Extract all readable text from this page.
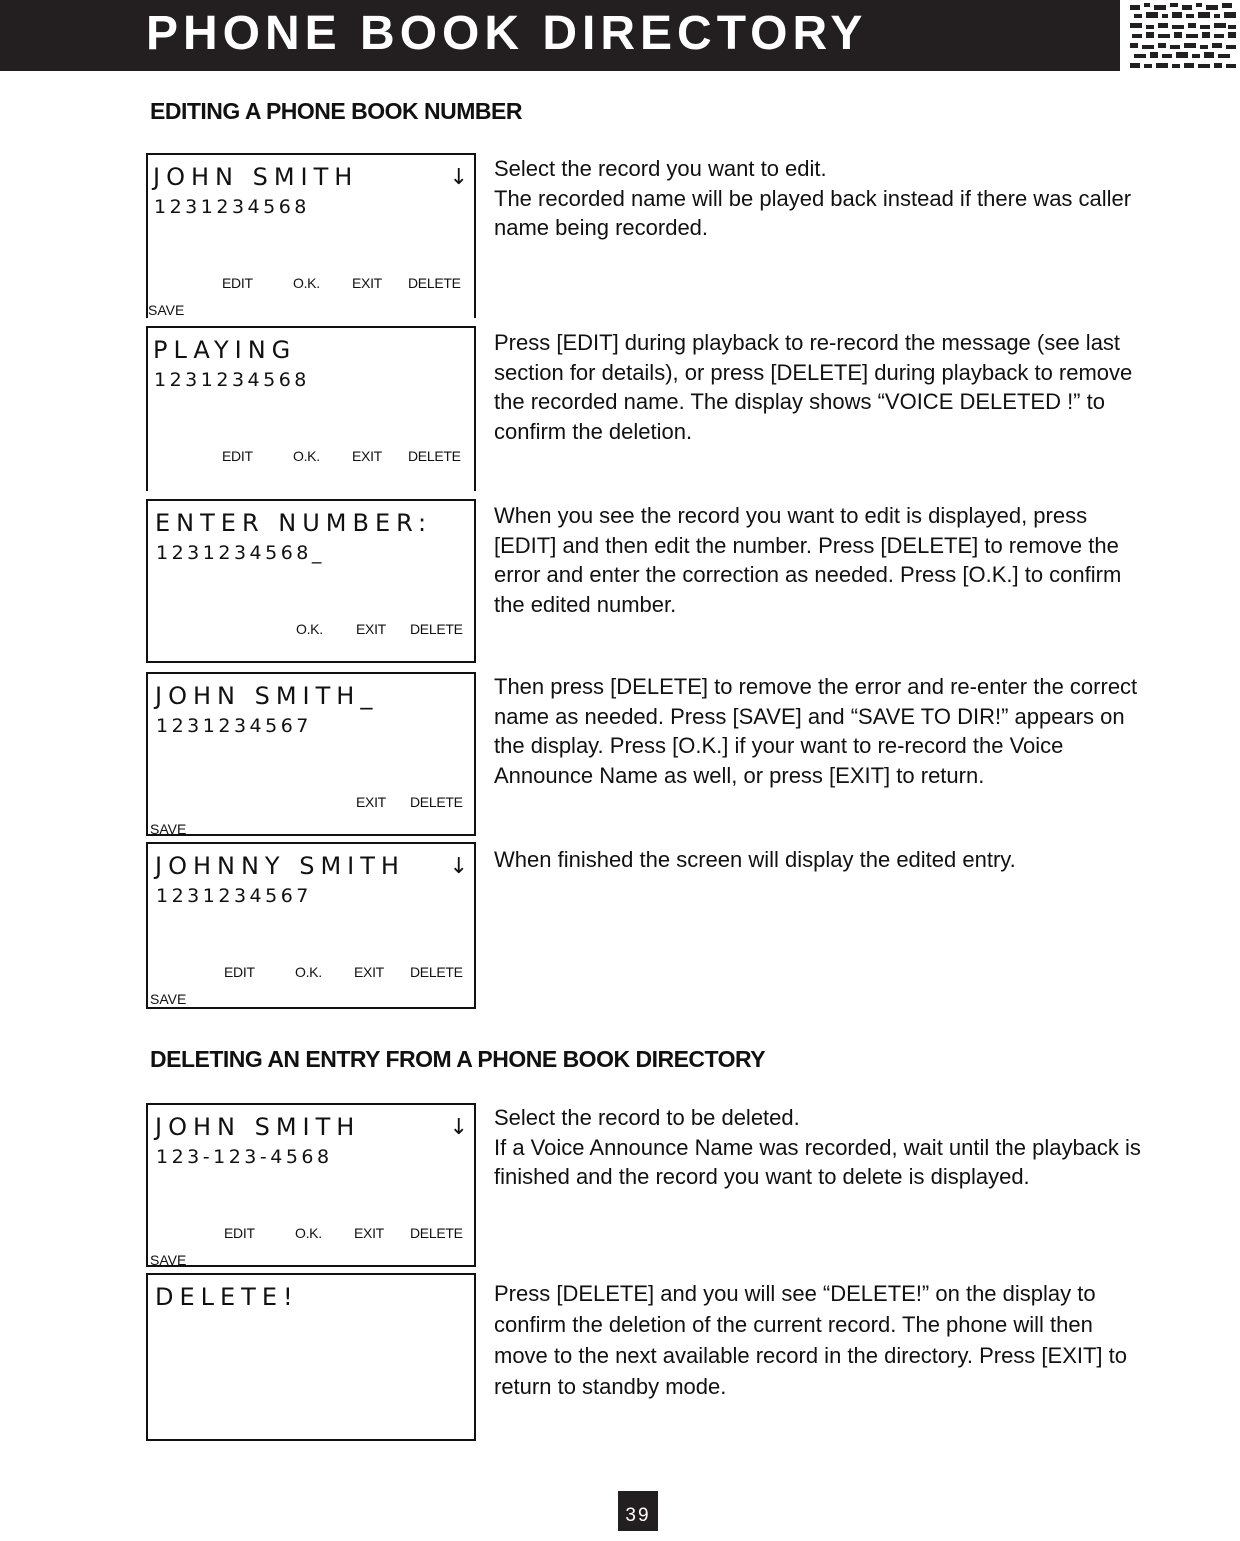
PHONE BOOK DIRECTORY
EDITING A PHONE BOOK NUMBER
JOHN SMITH	↓
1231234568
EDIT	O.K. EXIT DELETE
SAVE
PLAYING
1231234568
EDIT	O.K. EXIT DELETE
ENTER NUMBER:
1231234568_
O.K. EXIT DELETE
JOHN SMITH_
1231234567
EXIT DELETE
SAVE
JOHNNY SMITH ↓
1231234567
EDIT	O.K. EXIT DELETE
SAVE

Select the record you want to edit.

The recorded name will be played back instead if there was caller name being recorded.

Press [EDIT] during playback to re-record the message (see last section for details), or press [DELETE] during playback to remove the recorded name. The display shows “VOICE DELETED !” to confirm the deletion.

When you see the record you want to edit is displayed, press [EDIT] and then edit the number. Press [DELETE] to remove the error and enter the correction as needed. Press [O.K.] to confirm the edited number.

Then press [DELETE] to remove the error and re-enter the correct name as needed. Press [SAVE] and “SAVE TO DIR!” appears on the display. Press [O.K.] if your want to re-record the Voice Announce Name as well, or press [EXIT] to return.

When finished the screen will display the edited entry.

DELETING AN ENTRY FROM A PHONE BOOK DIRECTORY
JOHN SMITH	↓
123-123-4568
EDIT	O.K. EXIT DELETE
SAVE
DELETE!

Select the record to be deleted.

If a Voice Announce Name was recorded, wait until the playback is finished and the record you want to delete is displayed.

Press [DELETE] and you will see “DELETE!” on the display to confirm the deletion of the current record. The phone will then move to the next available record in the directory. Press [EXIT] to return to standby mode.

39
